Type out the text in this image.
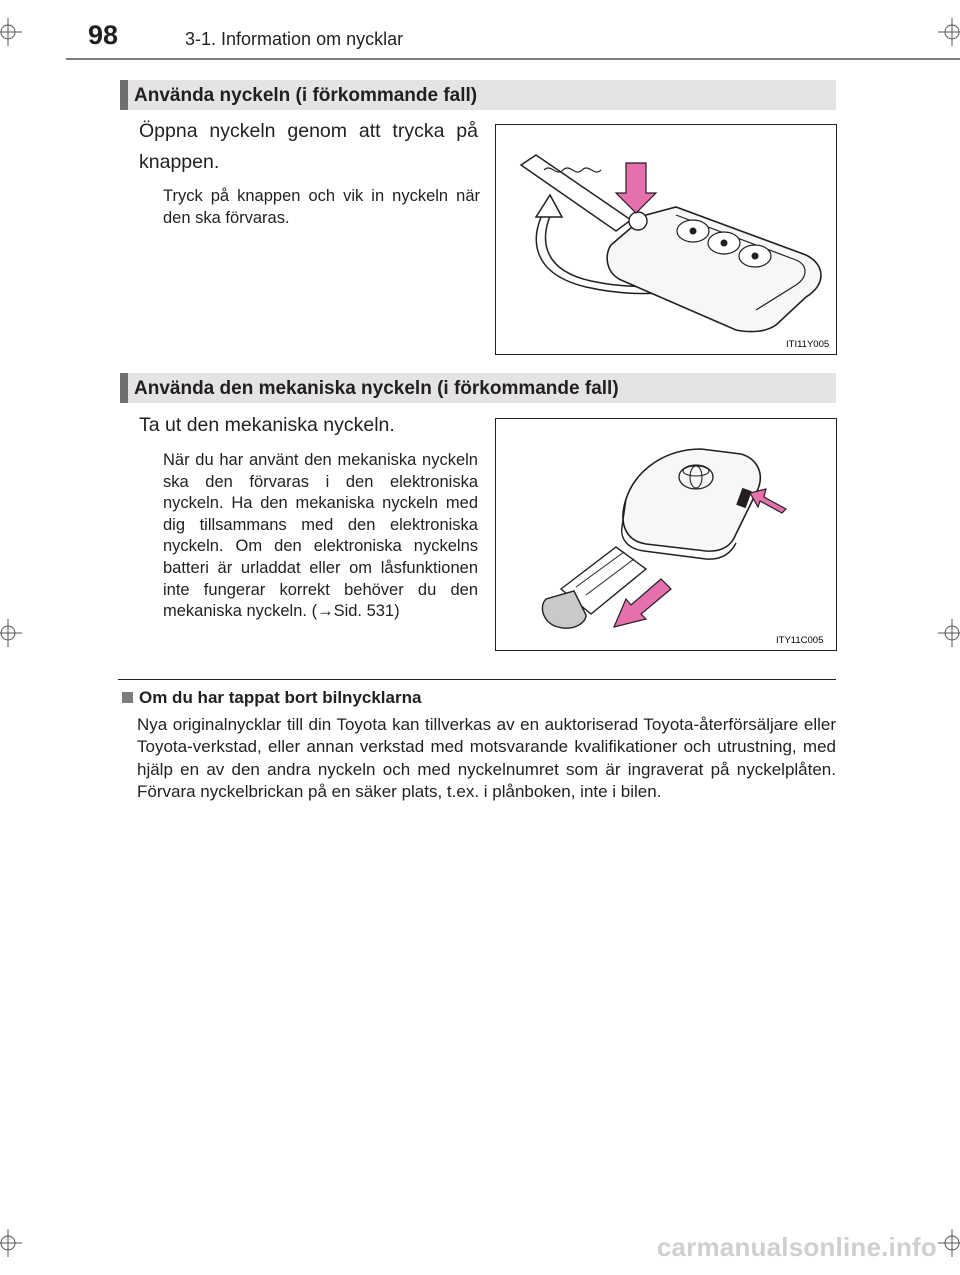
98	3-1. Information om nycklar
Använda nyckeln (i förkommande fall)
Öppna nyckeln genom att trycka på knappen.
Tryck på knappen och vik in nyckeln när den ska förvaras.
ITI11Y005
Använda den mekaniska nyckeln (i förkommande fall)
Ta ut den mekaniska nyckeln.
När du har använt den mekaniska nyckeln ska den förvaras i den elektroniska nyckeln. Ha den mekaniska nyckeln med dig tillsammans med den elektroniska nyckeln. Om den elektroniska nyckelns batteri är urladdat eller om låsfunktionen inte fungerar korrekt behöver du den mekaniska nyckeln. (→Sid. 531)
ITY11C005
Om du har tappat bort bilnycklarna
Nya originalnycklar till din Toyota kan tillverkas av en auktoriserad Toyota-återförsäljare eller Toyota-verkstad, eller annan verkstad med motsvarande kvalifikationer och utrustning, med hjälp en av den andra nyckeln och med nyckelnumret som är ingraverat på nyckelplåten. Förvara nyckelbrickan på en säker plats, t.ex. i plånboken, inte i bilen.
carmanualsonline.info
